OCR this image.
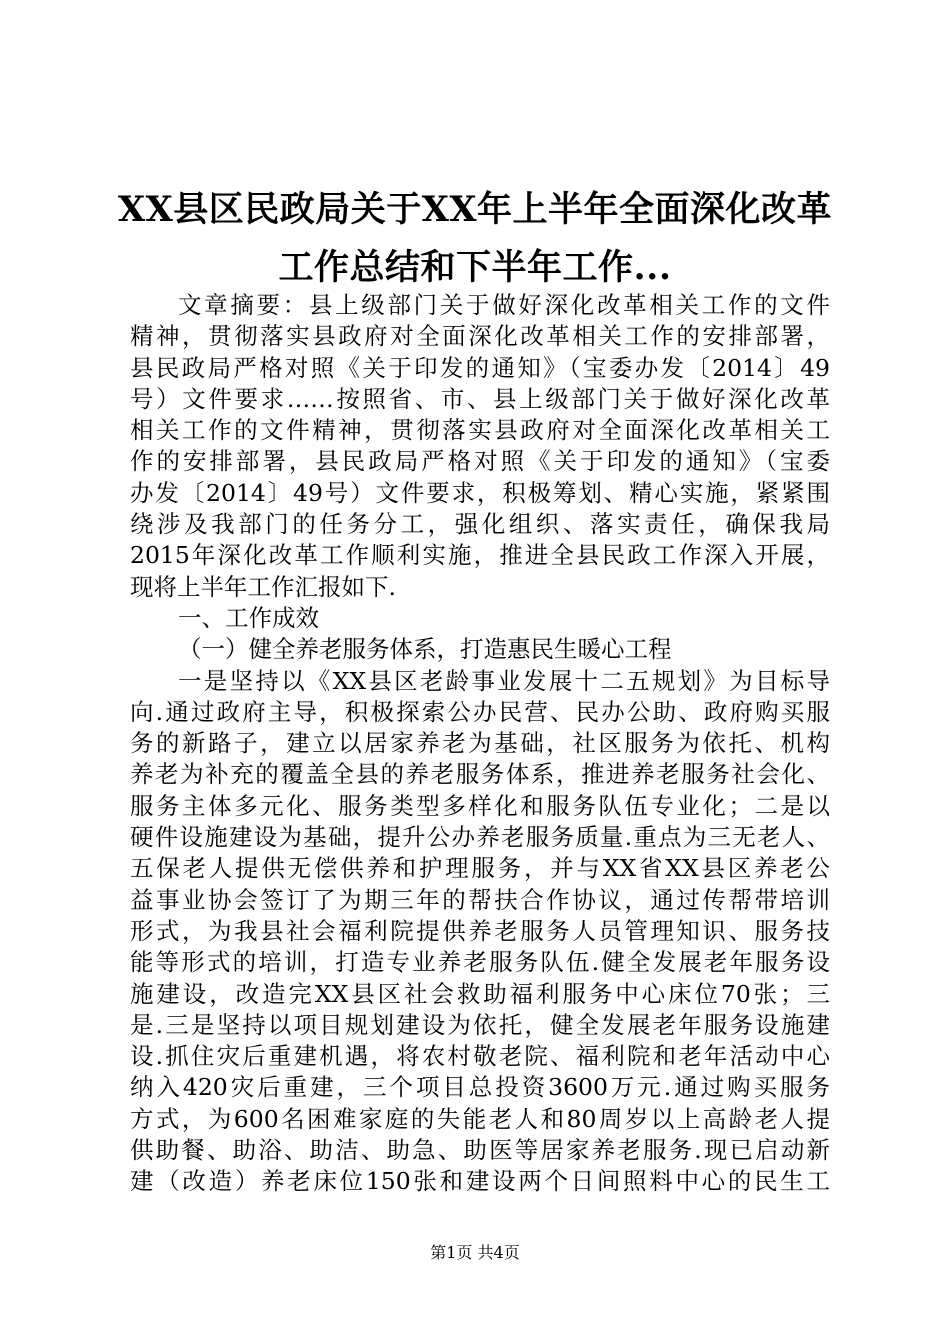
XX县区民政局关于XX年上半年全面深化改革
工作总结和下半年工作...
文章摘要：县上级部门关于做好深化改革相关工作的文件
精神，贯彻落实县政府对全面深化改革相关工作的安排部署，
县民政局严格对照《关于印发的通知》（宝委办发〔2014〕49
号）文件要求……按照省、市、县上级部门关于做好深化改革
相关工作的文件精神，贯彻落实县政府对全面深化改革相关工
作的安排部署，县民政局严格对照《关于印发的通知》（宝委
办发〔2014〕49号）文件要求，积极筹划、精心实施，紧紧围
绕涉及我部门的任务分工，强化组织、落实责任，确保我局
2015年深化改革工作顺利实施，推进全县民政工作深入开展，
现将上半年工作汇报如下.
一、工作成效
（一）健全养老服务体系，打造惠民生暖心工程
一是坚持以《XX县区老龄事业发展十二五规划》为目标导
向.通过政府主导，积极探索公办民营、民办公助、政府购买服
务的新路子，建立以居家养老为基础，社区服务为依托、机构
养老为补充的覆盖全县的养老服务体系，推进养老服务社会化、
服务主体多元化、服务类型多样化和服务队伍专业化；二是以
硬件设施建设为基础，提升公办养老服务质量.重点为三无老人、
五保老人提供无偿供养和护理服务，并与XX省XX县区养老公
益事业协会签订了为期三年的帮扶合作协议，通过传帮带培训
形式，为我县社会福利院提供养老服务人员管理知识、服务技
能等形式的培训，打造专业养老服务队伍.健全发展老年服务设
施建设，改造完XX县区社会救助福利服务中心床位70张；三
是.三是坚持以项目规划建设为依托，健全发展老年服务设施建
设.抓住灾后重建机遇，将农村敬老院、福利院和老年活动中心
纳入420灾后重建，三个项目总投资3600万元.通过购买服务
方式，为600名困难家庭的失能老人和80周岁以上高龄老人提
供助餐、助浴、助洁、助急、助医等居家养老服务.现已启动新
建（改造）养老床位150张和建设两个日间照料中心的民生工
第1页 共4页
